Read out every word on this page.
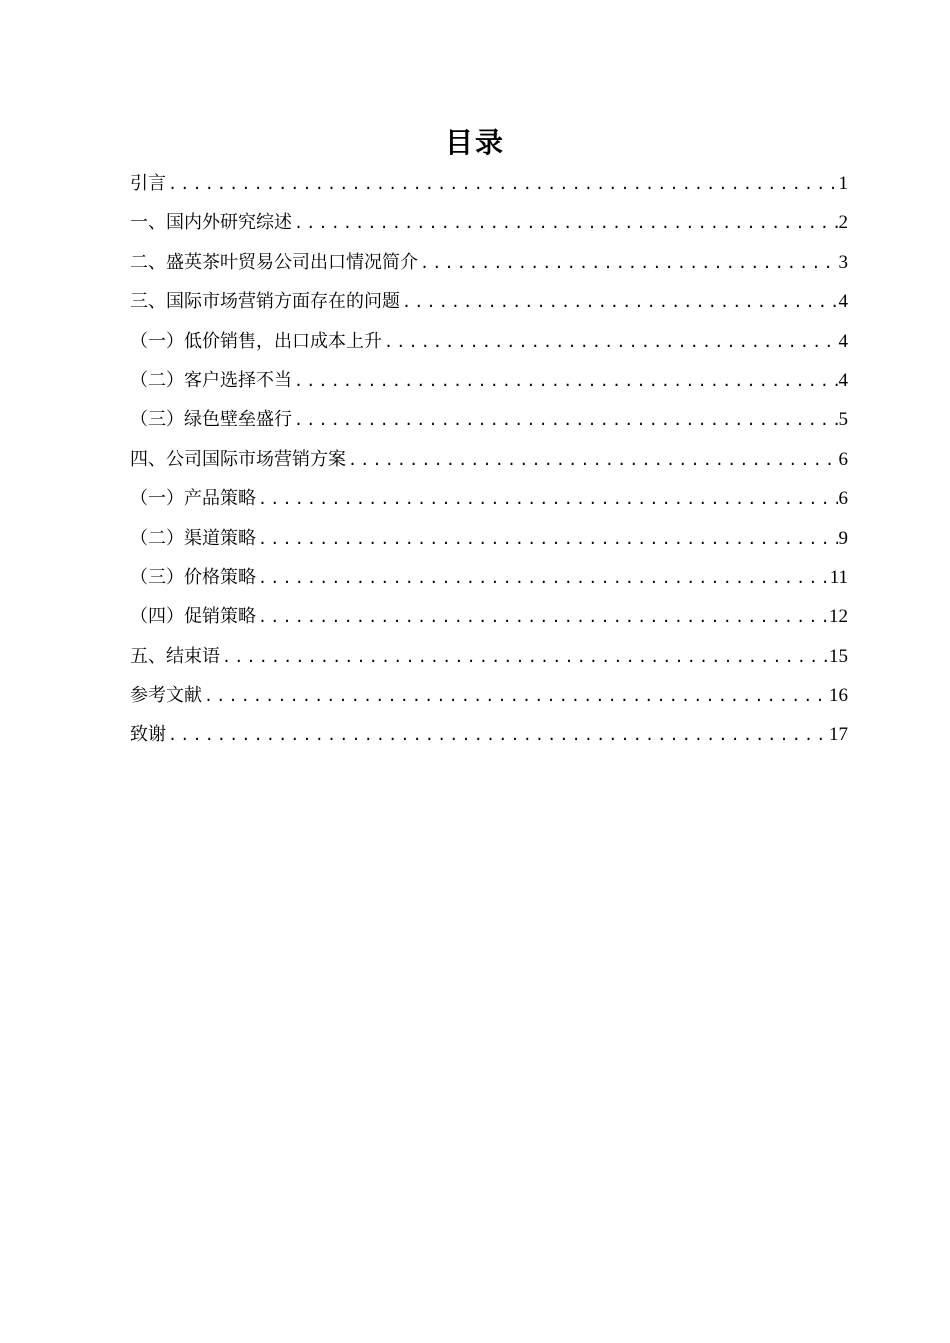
目录
引言 .....	1
一、国内外研究综述 .....	2
二、盛英茶叶贸易公司出口情况简介 .....	3
三、国际市场营销方面存在的问题 .....	4
（一）低价销售，出口成本上升 .....	4
（二）客户选择不当 .....	4
（三）绿色壁垒盛行 .....	5
四、公司国际市场营销方案 .....	6
（一）产品策略 .....	6
（二）渠道策略 .....	9
（三）价格策略 .....	11
（四）促销策略 .....	12
五、结束语 .....	15
参考文献 .....	16
致谢 .....	17
